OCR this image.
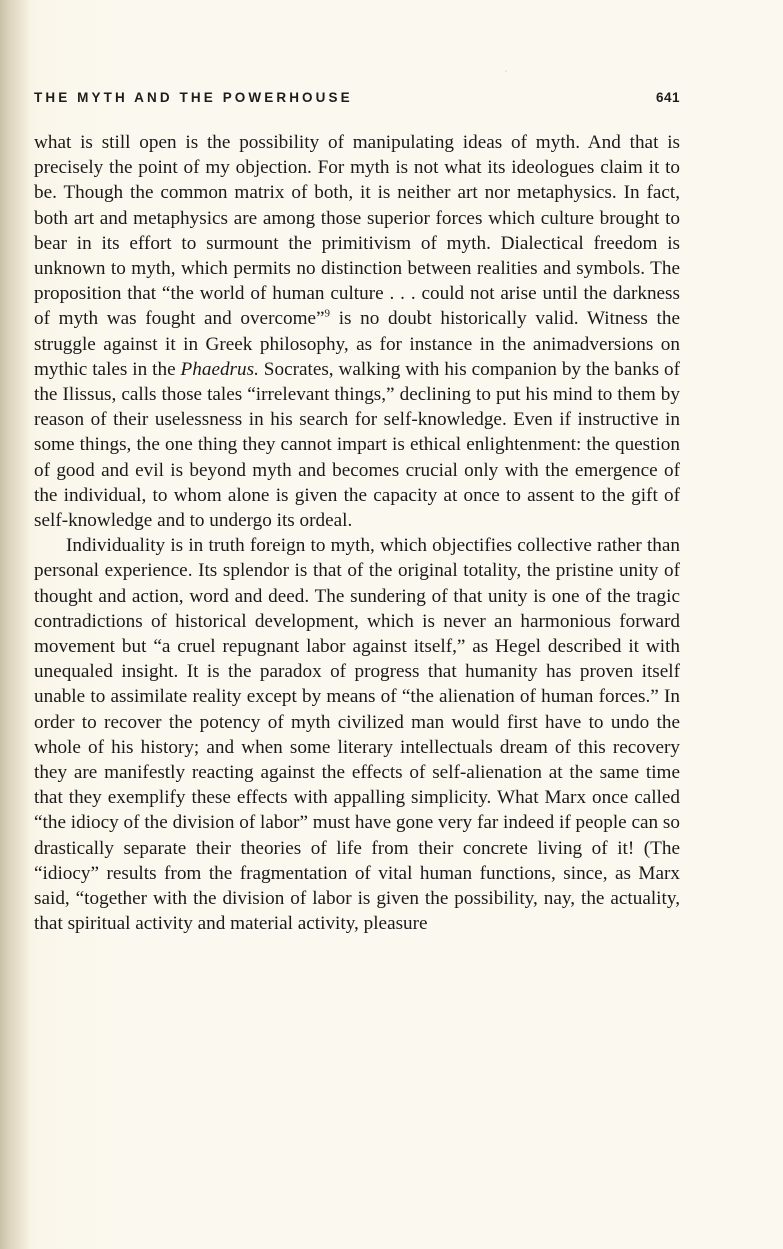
′
THE MYTH AND THE POWERHOUSE	641

what is still open is the possibility of manipulating ideas of myth. And that is precisely the point of my objection. For myth is not what its ideologues claim it to be. Though the common matrix of both, it is neither art nor metaphysics. In fact, both art and metaphysics are among those superior forces which culture brought to bear in its effort to surmount the primitivism of myth. Dialectical freedom is unknown to myth, which permits no distinction between realities and symbols. The proposition that “the world of human culture . . . could not arise until the darkness of myth was fought and overcome”$^9$ is no doubt historically valid. Witness the struggle against it in Greek philosophy, as for instance in the animadversions on mythic tales in the Phaedrus. Socrates, walking with his companion by the banks of the Ilissus, calls those tales “irrelevant things,” declining to put his mind to them by reason of their uselessness in his search for self-knowledge. Even if instructive in some things, the one thing they cannot impart is ethical enlightenment: the question of good and evil is beyond myth and becomes crucial only with the emergence of the individual, to whom alone is given the capacity at once to assent to the gift of self-knowledge and to undergo its ordeal.

Individuality is in truth foreign to myth, which objectifies collective rather than personal experience. Its splendor is that of the original totality, the pristine unity of thought and action, word and deed. The sundering of that unity is one of the tragic contradictions of historical development, which is never an harmonious forward movement but “a cruel repugnant labor against itself,” as Hegel described it with unequaled insight. It is the paradox of progress that humanity has proven itself unable to assimilate reality except by means of “the alienation of human forces.” In order to recover the potency of myth civilized man would first have to undo the whole of his history; and when some literary intellectuals dream of this recovery they are manifestly reacting against the effects of self-alienation at the same time that they exemplify these effects with appalling simplicity. What Marx once called “the idiocy of the division of labor” must have gone very far indeed if people can so drastically separate their theories of life from their concrete living of it! (The “idiocy” results from the fragmentation of vital human functions, since, as Marx said, “together with the division of labor is given the possibility, nay, the actuality, that spiritual activity and material activity, pleasure
